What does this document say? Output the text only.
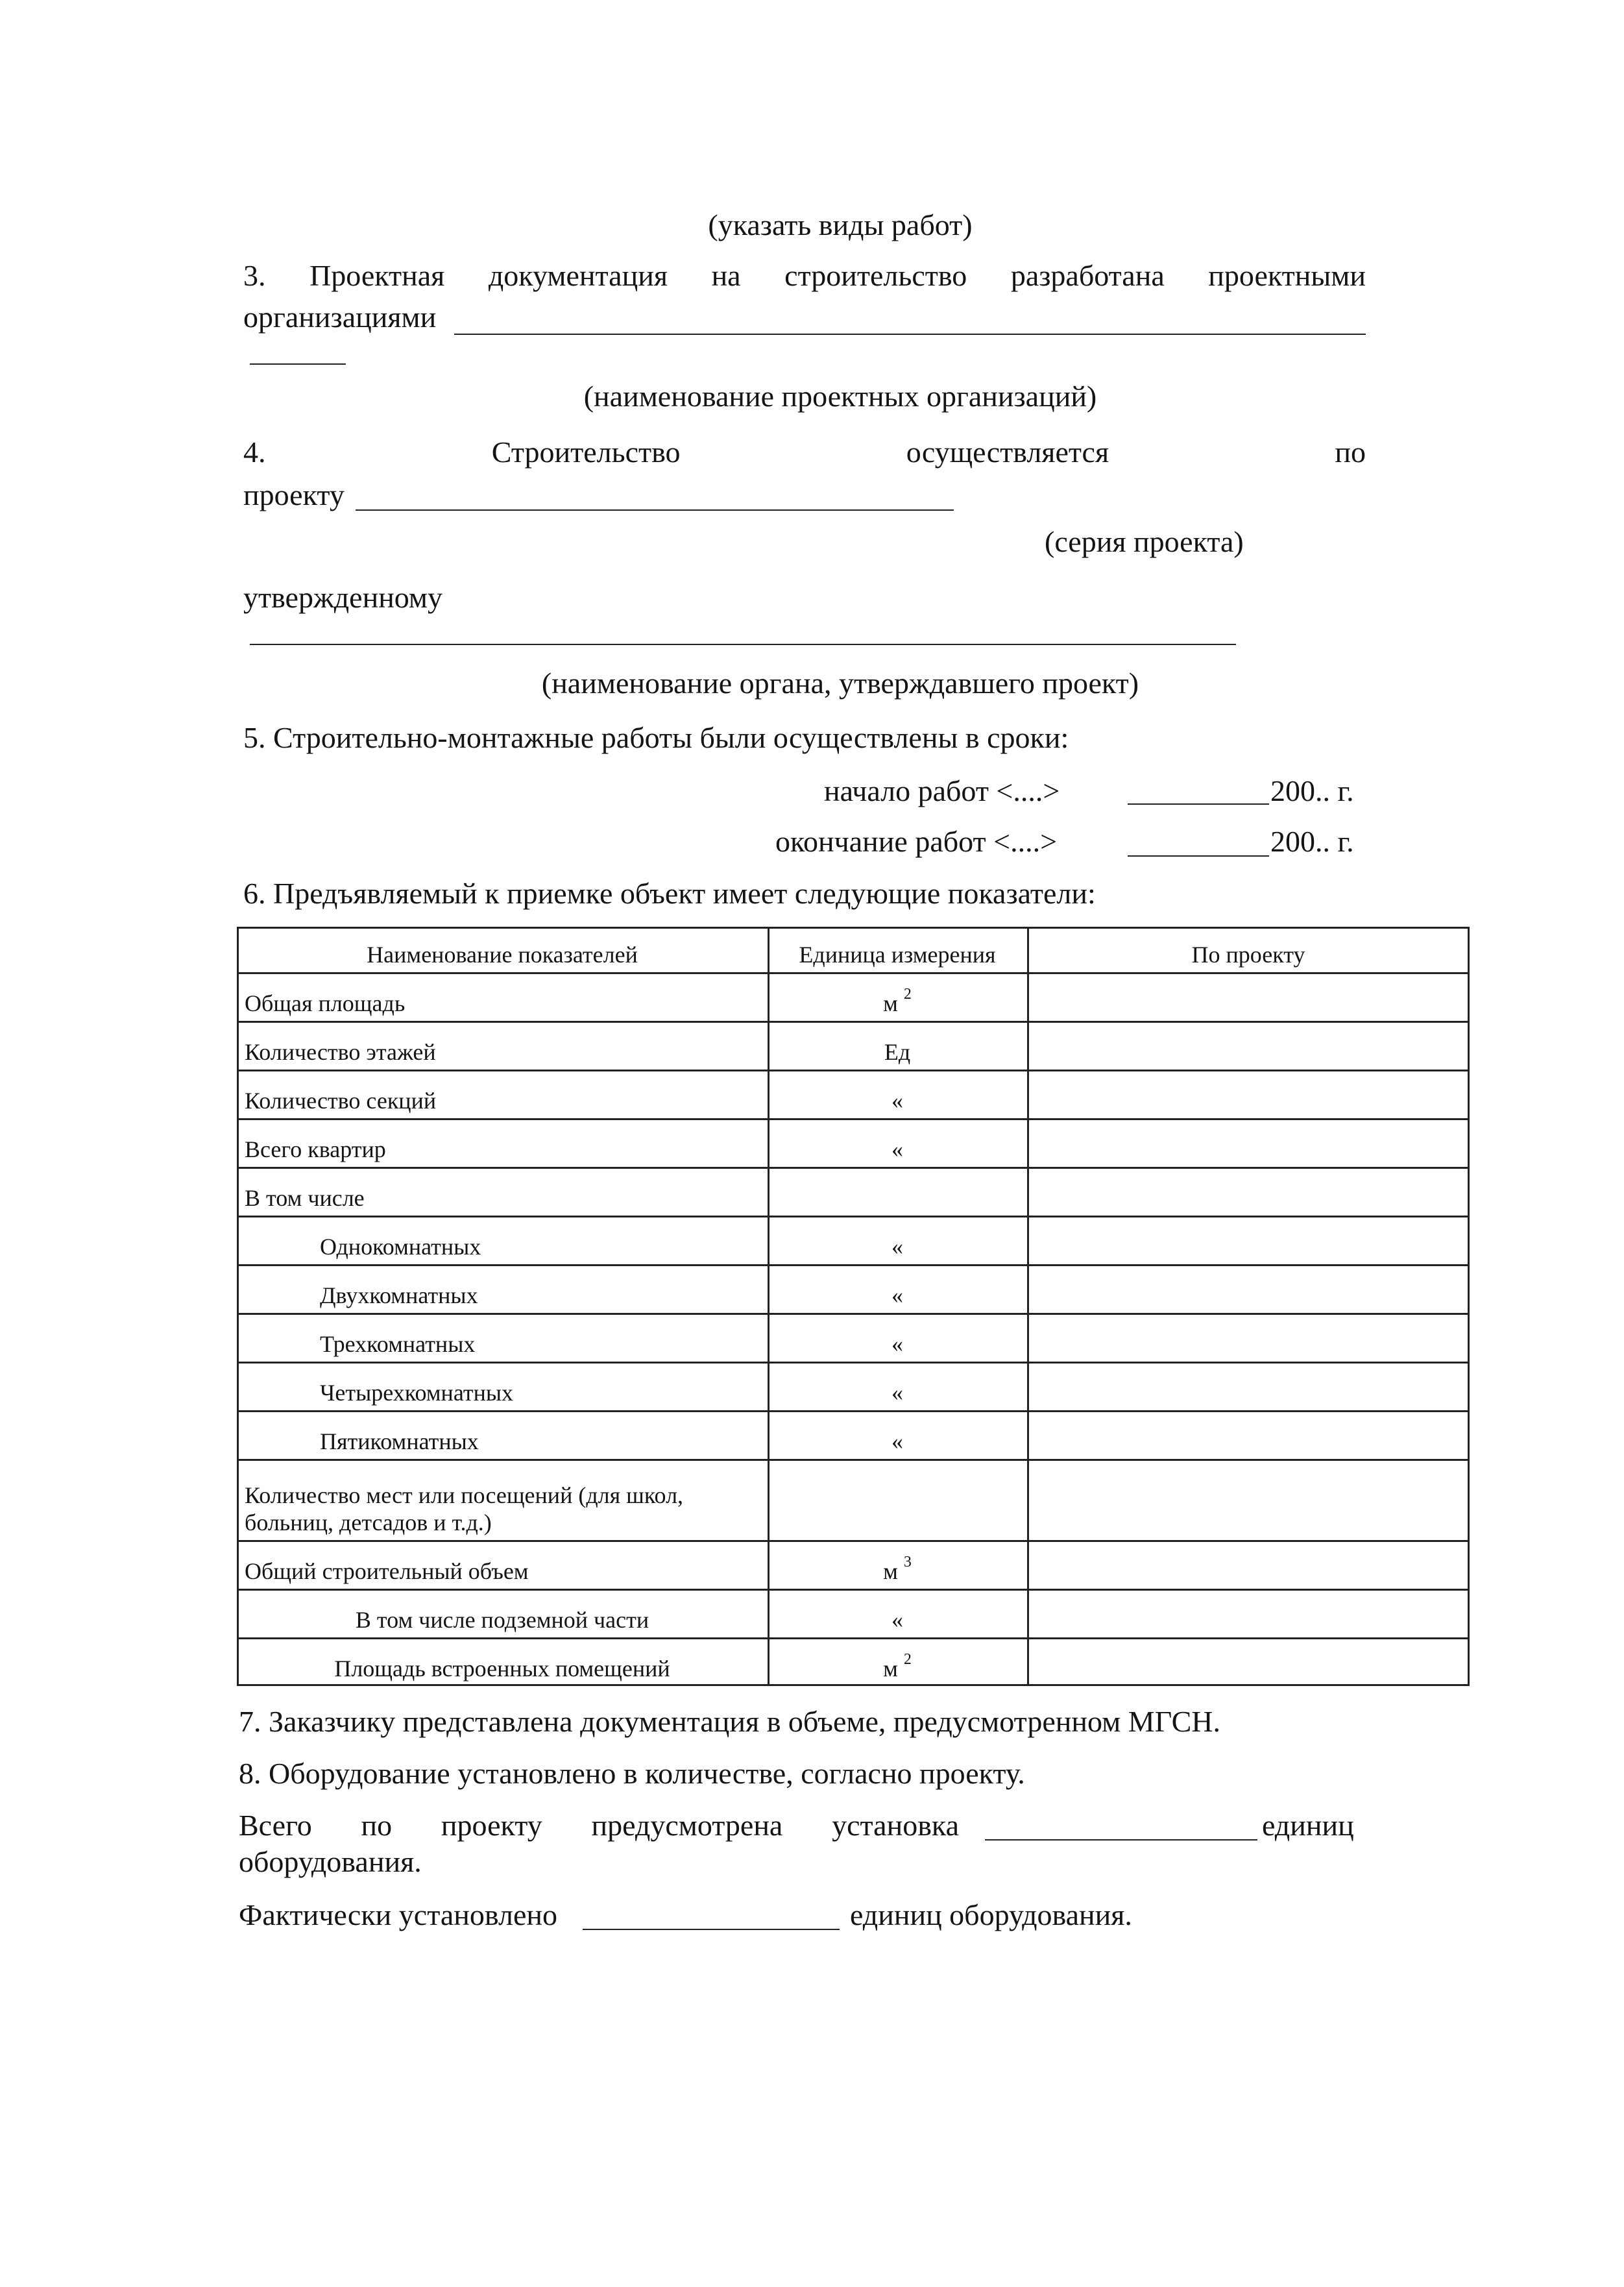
(указать виды работ)
3. Проектная документация на строительство разработана проектными
организациями
(наименование проектных организаций)
4.	Строительство	осуществляется	по
проекту
(серия проекта)
утвержденному
(наименование органа, утверждавшего проект)
5. Строительно-монтажные работы были осуществлены в сроки:
начало работ <....>	200.. г.
окончание работ <....>	200.. г.
6. Предъявляемый к приемке объект имеет следующие показатели:
Наименование показателей	Единица измерения	По проекту
Общая площадь	м $^2$
Количество этажей	Ед
Количество секций	«
Всего квартир	«
В том числе
Однокомнатных	«
Двухкомнатных	«
Трехкомнатных	«
Четырехкомнатных	«
Пятикомнатных	«
Количество мест или посещений (для школ, больниц, детсадов и т.д.)
Общий строительный объем	м $^3$
В том числе подземной части	«
Площадь встроенных помещений	м $^2$
7. Заказчику представлена документация в объеме, предусмотренном МГСН.
8. Оборудование установлено в количестве, согласно проекту.
Всего по проекту предусмотрена установка	единиц
оборудования.
Фактически установлено	единиц оборудования.
